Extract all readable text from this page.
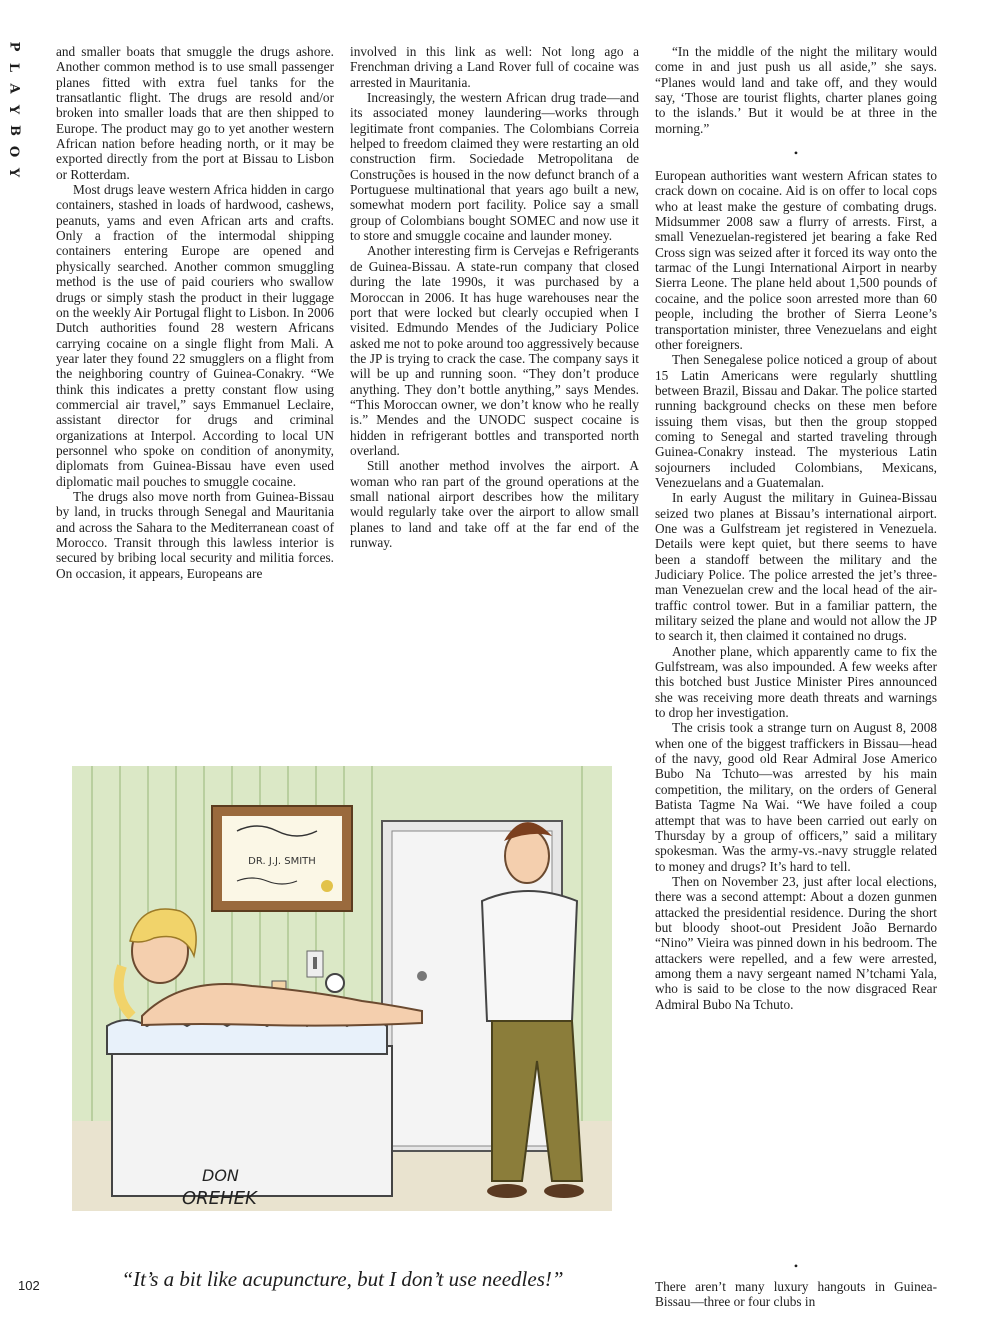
P
L
A
Y
B
O
Y

and smaller boats that smuggle the drugs ashore. Another common method is to use small passenger planes fitted with extra fuel tanks for the transatlantic flight. The drugs are resold and/or broken into smaller loads that are then shipped to Europe. The product may go to yet another western African nation before heading north, or it may be exported directly from the port at Bissau to Lisbon or Rotterdam.

Most drugs leave western Africa hidden in cargo containers, stashed in loads of hardwood, cashews, peanuts, yams and even African arts and crafts. Only a fraction of the intermodal shipping containers entering Europe are opened and physically searched. Another common smuggling method is the use of paid couriers who swallow drugs or simply stash the product in their luggage on the weekly Air Portugal flight to Lisbon. In 2006 Dutch authorities found 28 western Africans carrying cocaine on a single flight from Mali. A year later they found 22 smugglers on a flight from the neighboring country of Guinea-Conakry. “We think this indicates a pretty constant flow using commercial air travel,” says Emmanuel Leclaire, assistant director for drugs and criminal organizations at Interpol. According to local UN personnel who spoke on condition of anonymity, diplomats from Guinea-Bissau have even used diplomatic mail pouches to smuggle cocaine.

The drugs also move north from Guinea-Bissau by land, in trucks through Senegal and Mauritania and across the Sahara to the Mediterranean coast of Morocco. Transit through this lawless interior is secured by bribing local security and militia forces. On occasion, it appears, Europeans are

involved in this link as well: Not long ago a Frenchman driving a Land Rover full of cocaine was arrested in Mauritania.

Increasingly, the western African drug trade—and its associated money laundering—works through legitimate front companies. The Colombians Correia helped to freedom claimed they were restarting an old construction firm. Sociedade Metropolitana de Construções is housed in the now defunct branch of a Portuguese multinational that years ago built a new, somewhat modern port facility. Police say a small group of Colombians bought SOMEC and now use it to store and smuggle cocaine and launder money.

Another interesting firm is Cervejas e Refrigerants de Guinea-Bissau. A state-run company that closed during the late 1990s, it was purchased by a Moroccan in 2006. It has huge warehouses near the port that were locked but clearly occupied when I visited. Edmundo Mendes of the Judiciary Police asked me not to poke around too aggressively because the JP is trying to crack the case. The company says it will be up and running soon. “They don’t produce anything. They don’t bottle anything,” says Mendes. “This Moroccan owner, we don’t know who he really is.” Mendes and the UNODC suspect cocaine is hidden in refrigerant bottles and transported north overland.

Still another method involves the airport. A woman who ran part of the ground operations at the small national airport describes how the military would regularly take over the airport to allow small planes to land and take off at the far end of the runway.

“In the middle of the night the military would come in and just push us all aside,” she says. “Planes would land and take off, and they would say, ‘Those are tourist flights, charter planes going to the islands.’ But it would be at three in the morning.”

•

European authorities want western African states to crack down on cocaine. Aid is on offer to local cops who at least make the gesture of combating drugs. Midsummer 2008 saw a flurry of arrests. First, a small Venezuelan-registered jet bearing a fake Red Cross sign was seized after it forced its way onto the tarmac of the Lungi International Airport in nearby Sierra Leone. The plane held about 1,500 pounds of cocaine, and the police soon arrested more than 60 people, including the brother of Sierra Leone’s transportation minister, three Venezuelans and eight other foreigners.

Then Senegalese police noticed a group of about 15 Latin Americans were regularly shuttling between Brazil, Bissau and Dakar. The police started running background checks on these men before issuing them visas, but then the group stopped coming to Senegal and started traveling through Guinea-Conakry instead. The mysterious Latin sojourners included Colombians, Mexicans, Venezuelans and a Guatemalan.

In early August the military in Guinea-Bissau seized two planes at Bissau’s international airport. One was a Gulfstream jet registered in Venezuela. Details were kept quiet, but there seems to have been a standoff between the military and the Judiciary Police. The police arrested the jet’s three-man Venezuelan crew and the local head of the air-traffic control tower. But in a familiar pattern, the military seized the plane and would not allow the JP to search it, then claimed it contained no drugs.

Another plane, which apparently came to fix the Gulfstream, was also impounded. A few weeks after this botched bust Justice Minister Pires announced she was receiving more death threats and warnings to drop her investigation.

The crisis took a strange turn on August 8, 2008 when one of the biggest traffickers in Bissau—head of the navy, good old Rear Admiral Jose Americo Bubo Na Tchuto—was arrested by his main competition, the military, on the orders of General Batista Tagme Na Wai. “We have foiled a coup attempt that was to have been carried out early on Thursday by a group of officers,” said a military spokesman. Was the army-vs.-navy struggle related to money and drugs? It’s hard to tell.

Then on November 23, just after local elections, there was a second attempt: About a dozen gunmen attacked the presidential residence. During the short but bloody shoot-out President João Bernardo “Nino” Vieira was pinned down in his bedroom. The attackers were repelled, and a few were arrested, among them a navy sergeant named N’tchami Yala, who is said to be close to the now disgraced Rear Admiral Bubo Na Tchuto.

•

There aren’t many luxury hangouts in Guinea-Bissau—three or four clubs in

DR. J.J. SMITH
DON
OREHEK
102	“It’s a bit like acupuncture, but I don’t use needles!”
